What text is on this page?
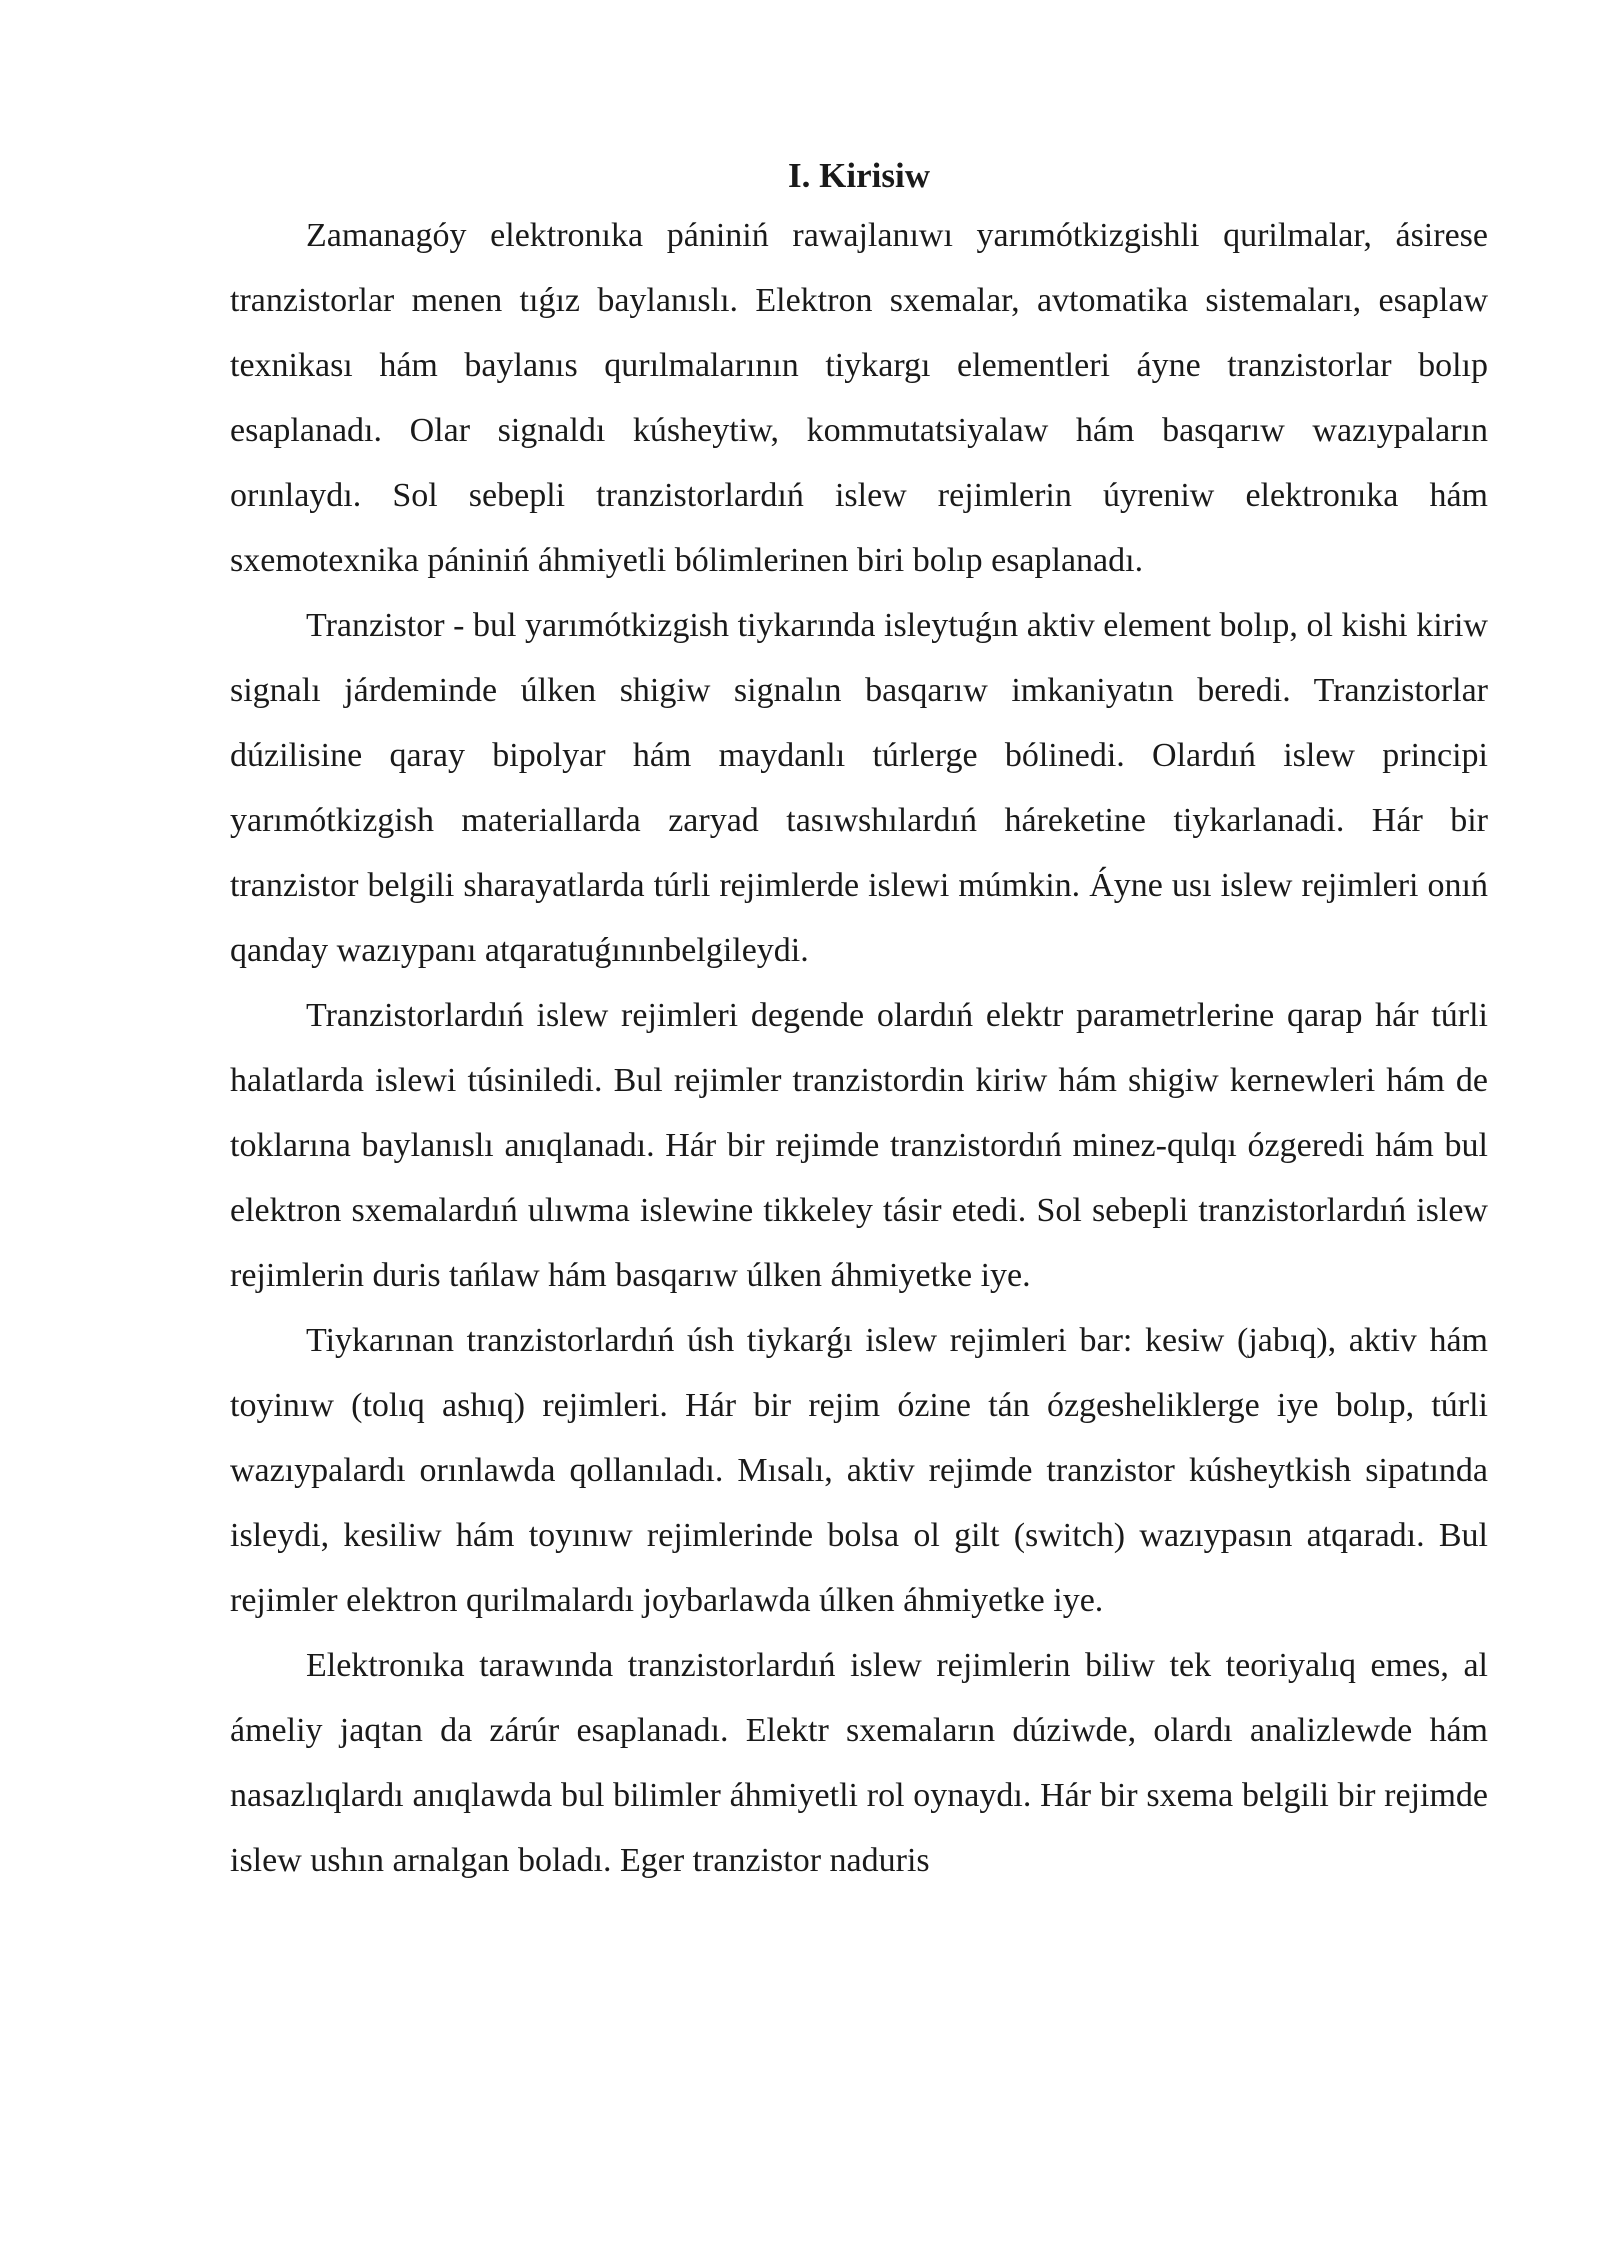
I. Kirisiw

Zamanagóy elektronıka pániniń rawajlanıwı yarımótkizgishli qurilmalar, ásirese tranzistorlar menen tıǵız baylanıslı. Elektron sxemalar, avtomatika sistemaları, esaplaw texnikası hám baylanıs qurılmalarının tiykargı elementleri áyne tranzistorlar bolıp esaplanadı. Olar signaldı kúsheytiw, kommutatsiyalaw hám basqarıw wazıypaların orınlaydı. Sol sebepli tranzistorlardıń islew rejimlerin úyreniw elektronıka hám sxemotexnika pániniń áhmiyetli bólimlerinen biri bolıp esaplanadı.

Tranzistor - bul yarımótkizgish tiykarında isleytuǵın aktiv element bolıp, ol kishi kiriw signalı járdeminde úlken shigiw signalın basqarıw imkaniyatın beredi. Tranzistorlar dúzilisine qaray bipolyar hám maydanlı túrlerge bólinedi. Olardıń islew principi yarımótkizgish materiallarda zaryad tasıwshılardıń háreketine tiykarlanadi. Hár bir tranzistor belgili sharayatlarda túrli rejimlerde islewi múmkin. Áyne usı islew rejimleri onıń qanday wazıypanı atqaratuǵınınbelgileydi.

Tranzistorlardıń islew rejimleri degende olardıń elektr parametrlerine qarap hár túrli halatlarda islewi túsiniledi. Bul rejimler tranzistordin kiriw hám shigiw kernewleri hám de toklarına baylanıslı anıqlanadı. Hár bir rejimde tranzistordıń minez-qulqı ózgeredi hám bul elektron sxemalardıń ulıwma islewine tikkeley tásir etedi. Sol sebepli tranzistorlardıń islew rejimlerin duris tańlaw hám basqarıw úlken áhmiyetke iye.

Tiykarınan tranzistorlardıń úsh tiykarǵı islew rejimleri bar: kesiw (jabıq), aktiv hám toyinıw (tolıq ashıq) rejimleri. Hár bir rejim ózine tán ózgesheliklerge iye bolıp, túrli wazıypalardı orınlawda qollanıladı. Mısalı, aktiv rejimde tranzistor kúsheytkish sipatında isleydi, kesiliw hám toyınıw rejimlerinde bolsa ol gilt (switch) wazıypasın atqaradı. Bul rejimler elektron qurilmalardı joybarlawda úlken áhmiyetke iye.

Elektronıka tarawında tranzistorlardıń islew rejimlerin biliw tek teoriyalıq emes, al ámeliy jaqtan da zárúr esaplanadı. Elektr sxemaların dúziwde, olardı analizlewde hám nasazlıqlardı anıqlawda bul bilimler áhmiyetli rol oynaydı. Hár bir sxema belgili bir rejimde islew ushın arnalgan boladı. Eger tranzistor naduris
